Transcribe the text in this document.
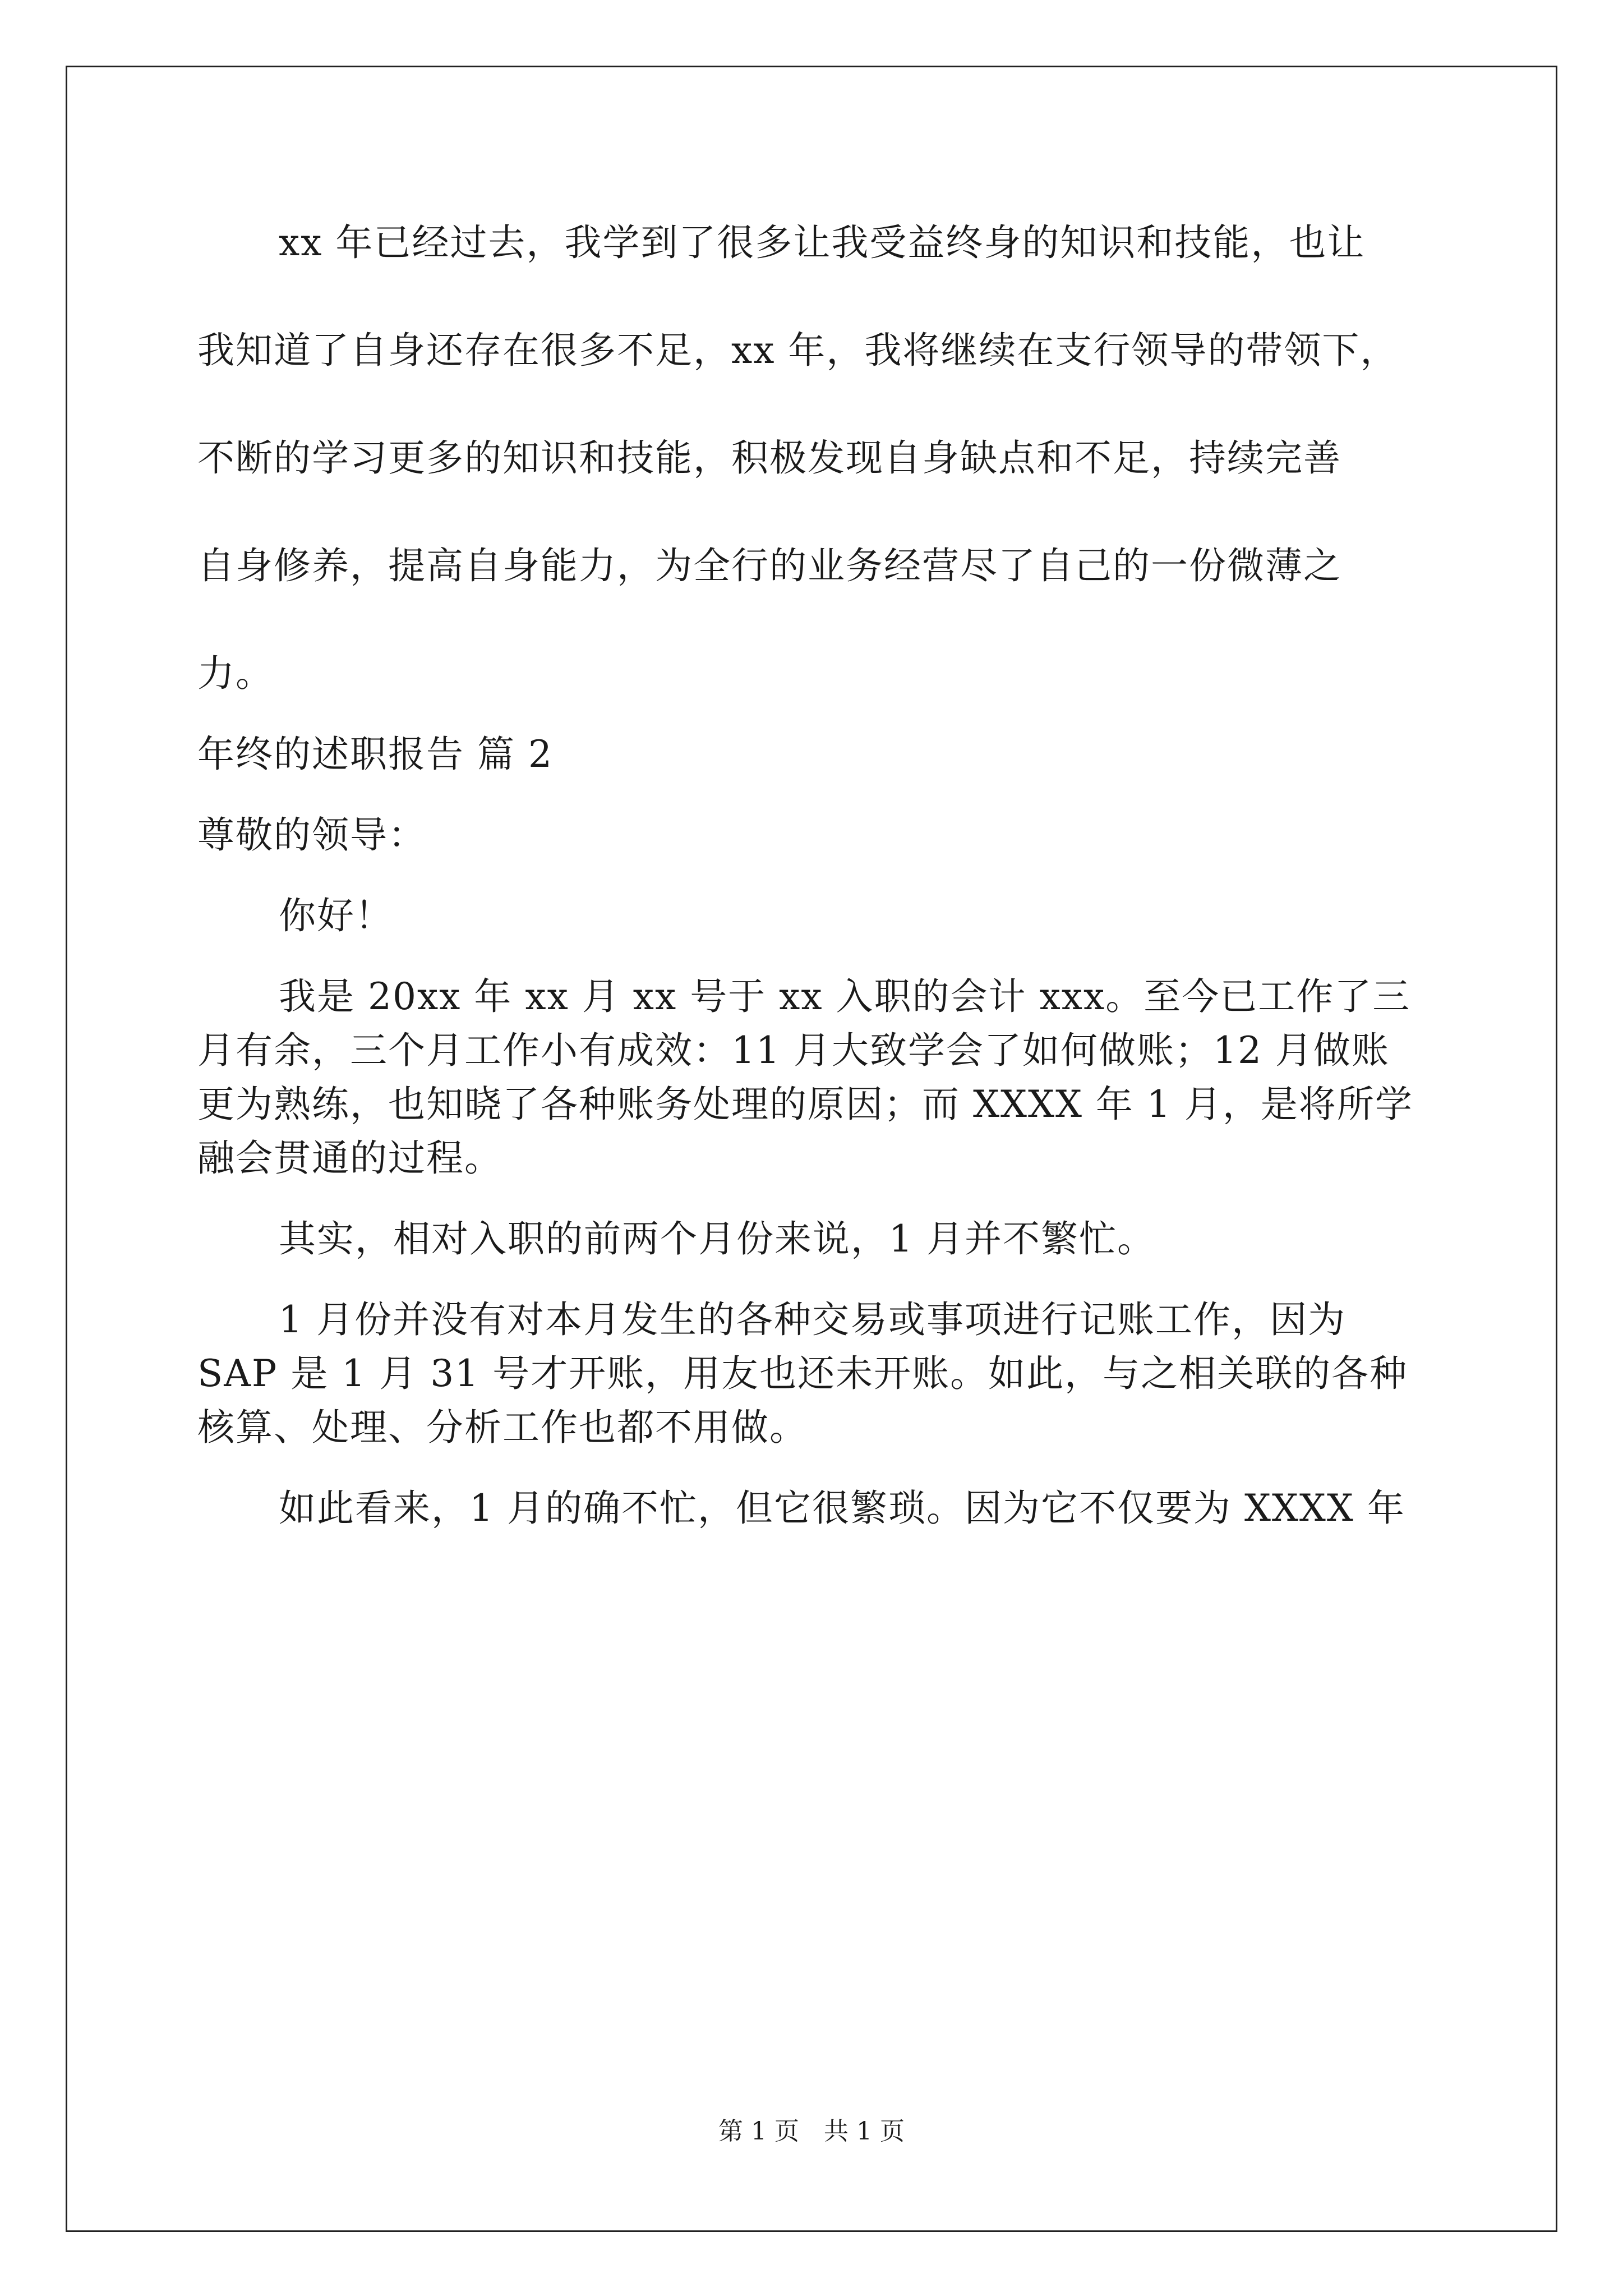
xx 年已经过去，我学到了很多让我受益终身的知识和技能，也让
我知道了自身还存在很多不足，xx 年，我将继续在支行领导的带领下，
不断的学习更多的知识和技能，积极发现自身缺点和不足，持续完善
自身修养，提高自身能力，为全行的业务经营尽了自己的一份微薄之
力。
年终的述职报告 篇 2
尊敬的领导：
你好！
我是 20xx 年 xx 月 xx 号于 xx 入职的会计 xxx。至今已工作了三
月有余，三个月工作小有成效：11 月大致学会了如何做账；12 月做账
更为熟练，也知晓了各种账务处理的原因；而 XXXX 年 1 月，是将所学
融会贯通的过程。
其实，相对入职的前两个月份来说，1 月并不繁忙。
1 月份并没有对本月发生的各种交易或事项进行记账工作，因为
SAP 是 1 月 31 号才开账，用友也还未开账。如此，与之相关联的各种
核算、处理、分析工作也都不用做。
如此看来，1 月的确不忙，但它很繁琐。因为它不仅要为 XXXX 年
第 1 页　共 1 页
